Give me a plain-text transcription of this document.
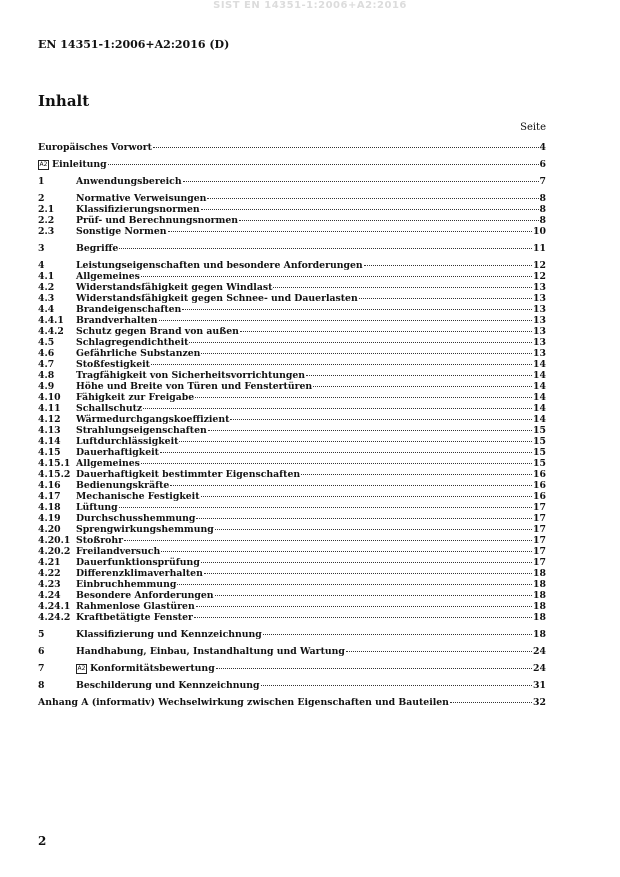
SIST EN 14351-1:2006+A2:2016
EN 14351-1:2006+A2:2016 (D)
Inhalt
Seite
Europäisches Vorwort	4
A2 Einleitung	6
1	Anwendungsbereich	7
2	Normative Verweisungen	8
2.1	Klassifizierungsnormen	8
2.2	Prüf- und Berechnungsnormen	8
2.3	Sonstige Normen	10
3	Begriffe	11
4	Leistungseigenschaften und besondere Anforderungen	12
4.1	Allgemeines	12
4.2	Widerstandsfähigkeit gegen Windlast	13
4.3	Widerstandsfähigkeit gegen Schnee- und Dauerlasten	13
4.4	Brandeigenschaften	13
4.4.1	Brandverhalten	13
4.4.2	Schutz gegen Brand von außen	13
4.5	Schlagregendichtheit	13
4.6	Gefährliche Substanzen	13
4.7	Stoßfestigkeit	14
4.8	Tragfähigkeit von Sicherheitsvorrichtungen	14
4.9	Höhe und Breite von Türen und Fenstertüren	14
4.10	Fähigkeit zur Freigabe	14
4.11	Schallschutz	14
4.12	Wärmedurchgangskoeffizient	14
4.13	Strahlungseigenschaften	15
4.14	Luftdurchlässigkeit	15
4.15	Dauerhaftigkeit	15
4.15.1 Allgemeines	15
4.15.2 Dauerhaftigkeit bestimmter Eigenschaften	16
4.16	Bedienungskräfte	16
4.17	Mechanische Festigkeit	16
4.18	Lüftung	17
4.19	Durchschusshemmung	17
4.20	Sprengwirkungshemmung	17
4.20.1 Stoßrohr	17
4.20.2 Freilandversuch	17
4.21	Dauerfunktionsprüfung	17
4.22	Differenzklimaverhalten	18
4.23	Einbruchhemmung	18
4.24	Besondere Anforderungen	18
4.24.1 Rahmenlose Glastüren	18
4.24.2 Kraftbetätigte Fenster	18
5	Klassifizierung und Kennzeichnung	18
6	Handhabung, Einbau, Instandhaltung und Wartung	24
7	A2 Konformitätsbewertung	24
8	Beschilderung und Kennzeichnung	31
Anhang A (informativ) Wechselwirkung zwischen Eigenschaften und Bauteilen	32
2
